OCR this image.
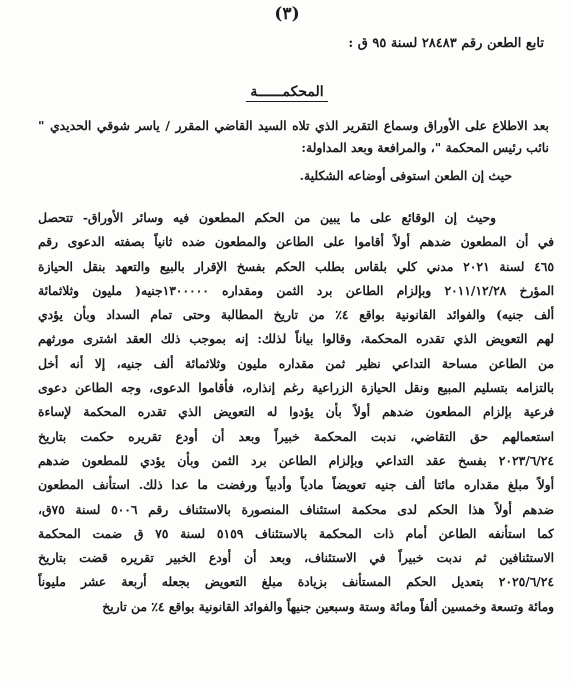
(٣)
تابع الطعن رقم ٢٨٤٨٣ لسنة ٩٥ ق :
المحكمــــــة
بعد الاطلاع على الأوراق وسماع التقرير الذي تلاه السيد القاضي المقرر / ياسر شوقي الحديدي " نائب رئيس المحكمة "، والمرافعة وبعد المداولة:
حيث إن الطعن استوفى أوضاعه الشكلية.
وحيث إن الوقائع على ما يبين من الحكم المطعون فيه وسائر الأوراق- تتحصل
في أن المطعون ضدهم أولاً أقاموا على الطاعن والمطعون ضده ثانياً بصفته الدعوى رقم
٤٦٥ لسنة ٢٠٢١ مدني كلي بلقاس بطلب الحكم بفسخ الإقرار بالبيع والتعهد بنقل الحيازة
المؤرخ ٢٠١١/١٢/٢٨ وبإلزام الطاعن برد الثمن ومقداره ١٣٠٠٠٠٠جنيه( مليون وثلاثمائة
ألف جنيه) والفوائد القانونية بواقع ٤٪ من تاريخ المطالبة وحتى تمام السداد وبأن يؤدي
لهم التعويض الذي تقدره المحكمة، وقالوا بياناً لذلك: إنه بموجب ذلك العقد اشترى مورثهم
من الطاعن مساحة التداعي نظير ثمن مقداره مليون وثلاثمائة ألف جنيه، إلا أنه أخل
بالتزامه بتسليم المبيع ونقل الحيازة الزراعية رغم إنذاره، فأقاموا الدعوى، وجه الطاعن دعوى
فرعية بإلزام المطعون ضدهم أولاً بأن يؤدوا له التعويض الذي تقدره المحكمة لإساءة
استعمالهم حق التقاضي، ندبت المحكمة خبيراً وبعد أن أودع تقريره حكمت بتاريخ
٢٠٢٣/٦/٢٤ بفسخ عقد التداعي وبإلزام الطاعن برد الثمن وبأن يؤدي للمطعون ضدهم
أولاً مبلغ مقداره مائتا ألف جنيه تعويضاً مادياً وأدبياً ورفضت ما عدا ذلك. استأنف المطعون
ضدهم أولاً هذا الحكم لدى محكمة استئناف المنصورة بالاستئناف رقم ٥٠٠٦ لسنة ٧٥ق،
كما استأنفه الطاعن أمام ذات المحكمة بالاستئناف ٥١٥٩ لسنة ٧٥ ق ضمت المحكمة
الاستئنافين ثم ندبت خبيراً في الاستئناف، وبعد أن أودع الخبير تقريره قضت بتاريخ
٢٠٢٥/٦/٢٤ بتعديل الحكم المستأنف بزيادة مبلغ التعويض بجعله أربعة عشر مليوناً
ومائة وتسعة وخمسين ألفاً ومائة وستة وسبعين جنيهاً والفوائد القانونية بواقع ٤٪ من تاريخ
